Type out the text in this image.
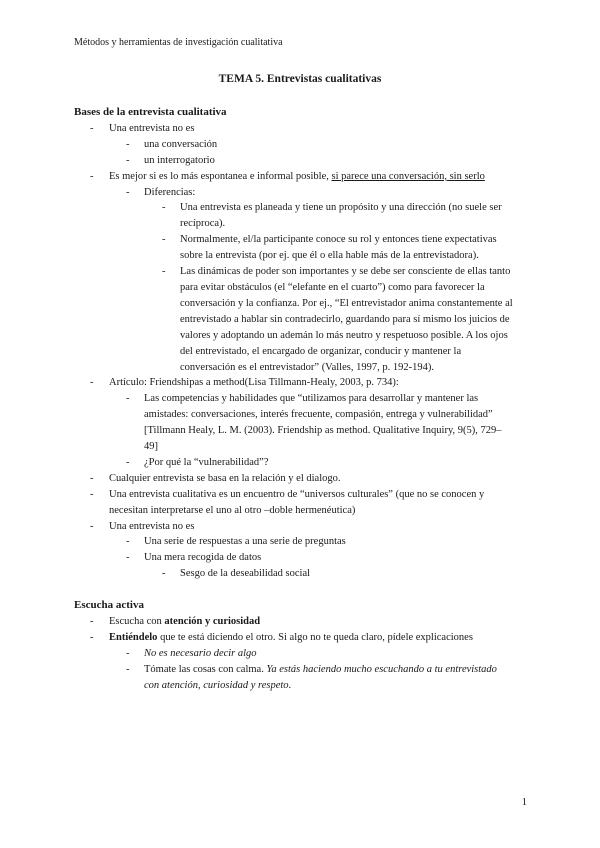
Métodos y herramientas de investigación cualitativa
TEMA 5. Entrevistas cualitativas
Bases de la entrevista cualitativa
- Una entrevista no es
- una conversación
- un interrogatorio
- Es mejor si es lo más espontanea e informal posible, si parece una conversación, sin serlo
- Diferencias:
- Una entrevista es planeada y tiene un propósito y una dirección (no suele ser recíproca).
- Normalmente, el/la participante conoce su rol y entonces tiene expectativas sobre la entrevista (por ej. que él o ella hable más de la entrevistadora).
- Las dinámicas de poder son importantes y se debe ser consciente de ellas tanto para evitar obstáculos (el “elefante en el cuarto”) como para favorecer la conversación y la confianza. Por ej., “El entrevistador anima constantemente al entrevistado a hablar sin contradecirlo, guardando para sí mismo los juicios de valores y adoptando un ademán lo más neutro y respetuoso posible. A los ojos del entrevistado, el encargado de organizar, conducir y mantener la conversación es el entrevistador” (Valles, 1997, p. 192-194).
- Artículo: Friendshipas a method(Lisa Tillmann-Healy, 2003, p. 734):
- Las competencias y habilidades que “utilizamos para desarrollar y mantener las amistades: conversaciones, interés frecuente, compasión, entrega y vulnerabilidad” [Tillmann Healy, L. M. (2003). Friendship as method. Qualitative Inquiry, 9(5), 729–49]
- ¿Por qué la “vulnerabilidad”?
- Cualquier entrevista se basa en la relación y el dialogo.
- Una entrevista cualitativa es un encuentro de “universos culturales” (que no se conocen y necesitan interpretarse el uno al otro –doble hermenéutica)
- Una entrevista no es
- Una serie de respuestas a una serie de preguntas
- Una mera recogida de datos
- Sesgo de la deseabilidad social
Escucha activa
- Escucha con atención y curiosidad
- Entiéndelo que te está diciendo el otro. Si algo no te queda claro, pídele explicaciones
- No es necesario decir algo
- Tómate las cosas con calma. Ya estás haciendo mucho escuchando a tu entrevistado con atención, curiosidad y respeto.
1
